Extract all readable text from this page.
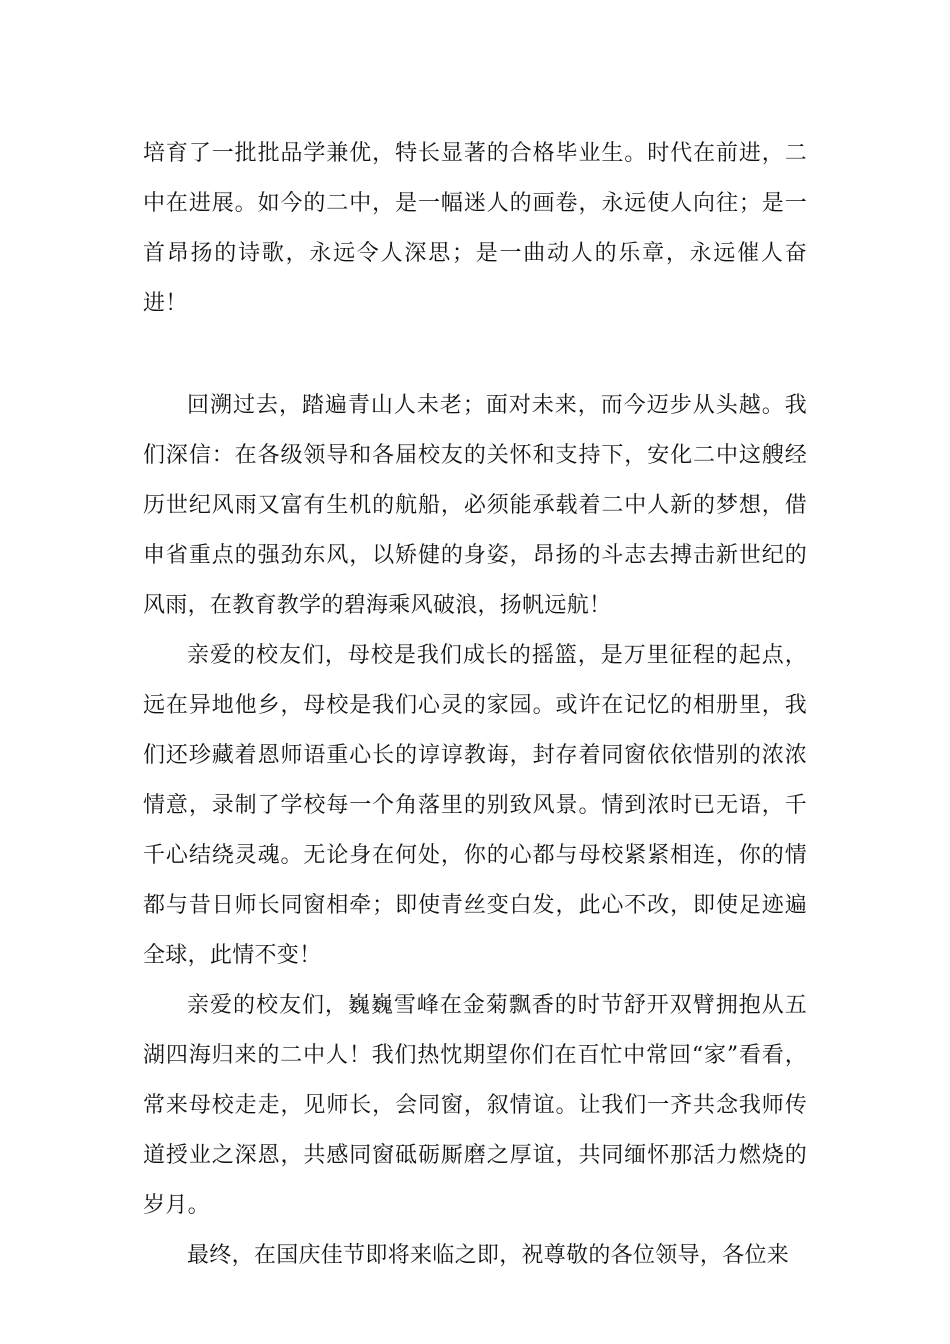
培育了一批批品学兼优，特长显著的合格毕业生。时代在前进，二中在进展。如今的二中，是一幅迷人的画卷，永远使人向往；是一首昂扬的诗歌，永远令人深思；是一曲动人的乐章，永远催人奋进！

回溯过去，踏遍青山人未老；面对未来，而今迈步从头越。我们深信：在各级领导和各届校友的关怀和支持下，安化二中这艘经历世纪风雨又富有生机的航船，必须能承载着二中人新的梦想，借申省重点的强劲东风，以矫健的身姿，昂扬的斗志去搏击新世纪的风雨，在教育教学的碧海乘风破浪，扬帆远航！

亲爱的校友们，母校是我们成长的摇篮，是万里征程的起点，远在异地他乡，母校是我们心灵的家园。或许在记忆的相册里，我们还珍藏着恩师语重心长的谆谆教诲，封存着同窗依依惜别的浓浓情意，录制了学校每一个角落里的别致风景。情到浓时已无语，千千心结绕灵魂。无论身在何处，你的心都与母校紧紧相连，你的情都与昔日师长同窗相牵；即使青丝变白发，此心不改，即使足迹遍全球，此情不变！

亲爱的校友们，巍巍雪峰在金菊飘香的时节舒开双臂拥抱从五湖四海归来的二中人！我们热忱期望你们在百忙中常回“家”看看，常来母校走走，见师长，会同窗，叙情谊。让我们一齐共念我师传道授业之深恩，共感同窗砥砺厮磨之厚谊，共同缅怀那活力燃烧的岁月。

最终，在国庆佳节即将来临之即，祝尊敬的各位领导，各位来
